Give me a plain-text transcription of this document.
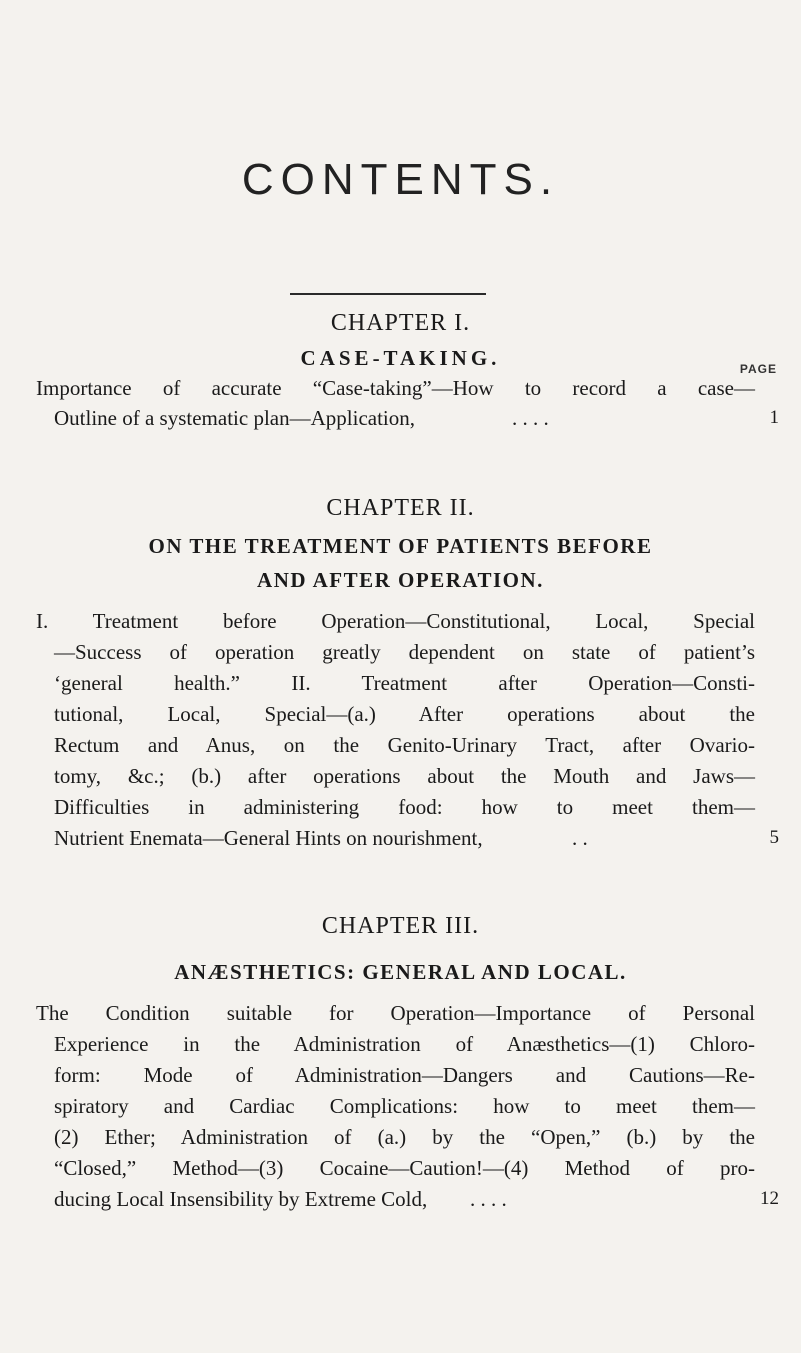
CONTENTS.
CHAPTER I.
CASE-TAKING.	PAGE
Importance of accurate “Case-taking”—How to record a case—
Outline of a systematic plan—Application,	. . . .	1
CHAPTER II.
ON THE TREATMENT OF PATIENTS BEFORE
AND AFTER OPERATION.
I. Treatment before Operation—Constitutional, Local, Special
—Success of operation greatly dependent on state of patient’s
‘general health.” II. Treatment after Operation—Consti-
tutional, Local, Special—(a.) After operations about the
Rectum and Anus, on the Genito-Urinary Tract, after Ovario-
tomy, &c.; (b.) after operations about the Mouth and Jaws—
Difficulties in administering food: how to meet them—
Nutrient Enemata—General Hints on nourishment,	. .	5
CHAPTER III.
ANÆSTHETICS: GENERAL AND LOCAL.
The Condition suitable for Operation—Importance of Personal
Experience in the Administration of Anæsthetics—(1) Chloro-
form: Mode of Administration—Dangers and Cautions—Re-
spiratory and Cardiac Complications: how to meet them—
(2) Ether; Administration of (a.) by the “Open,” (b.) by the
“Closed,” Method—(3) Cocaine—Caution!—(4) Method of pro-
ducing Local Insensibility by Extreme Cold, . . . .	12
